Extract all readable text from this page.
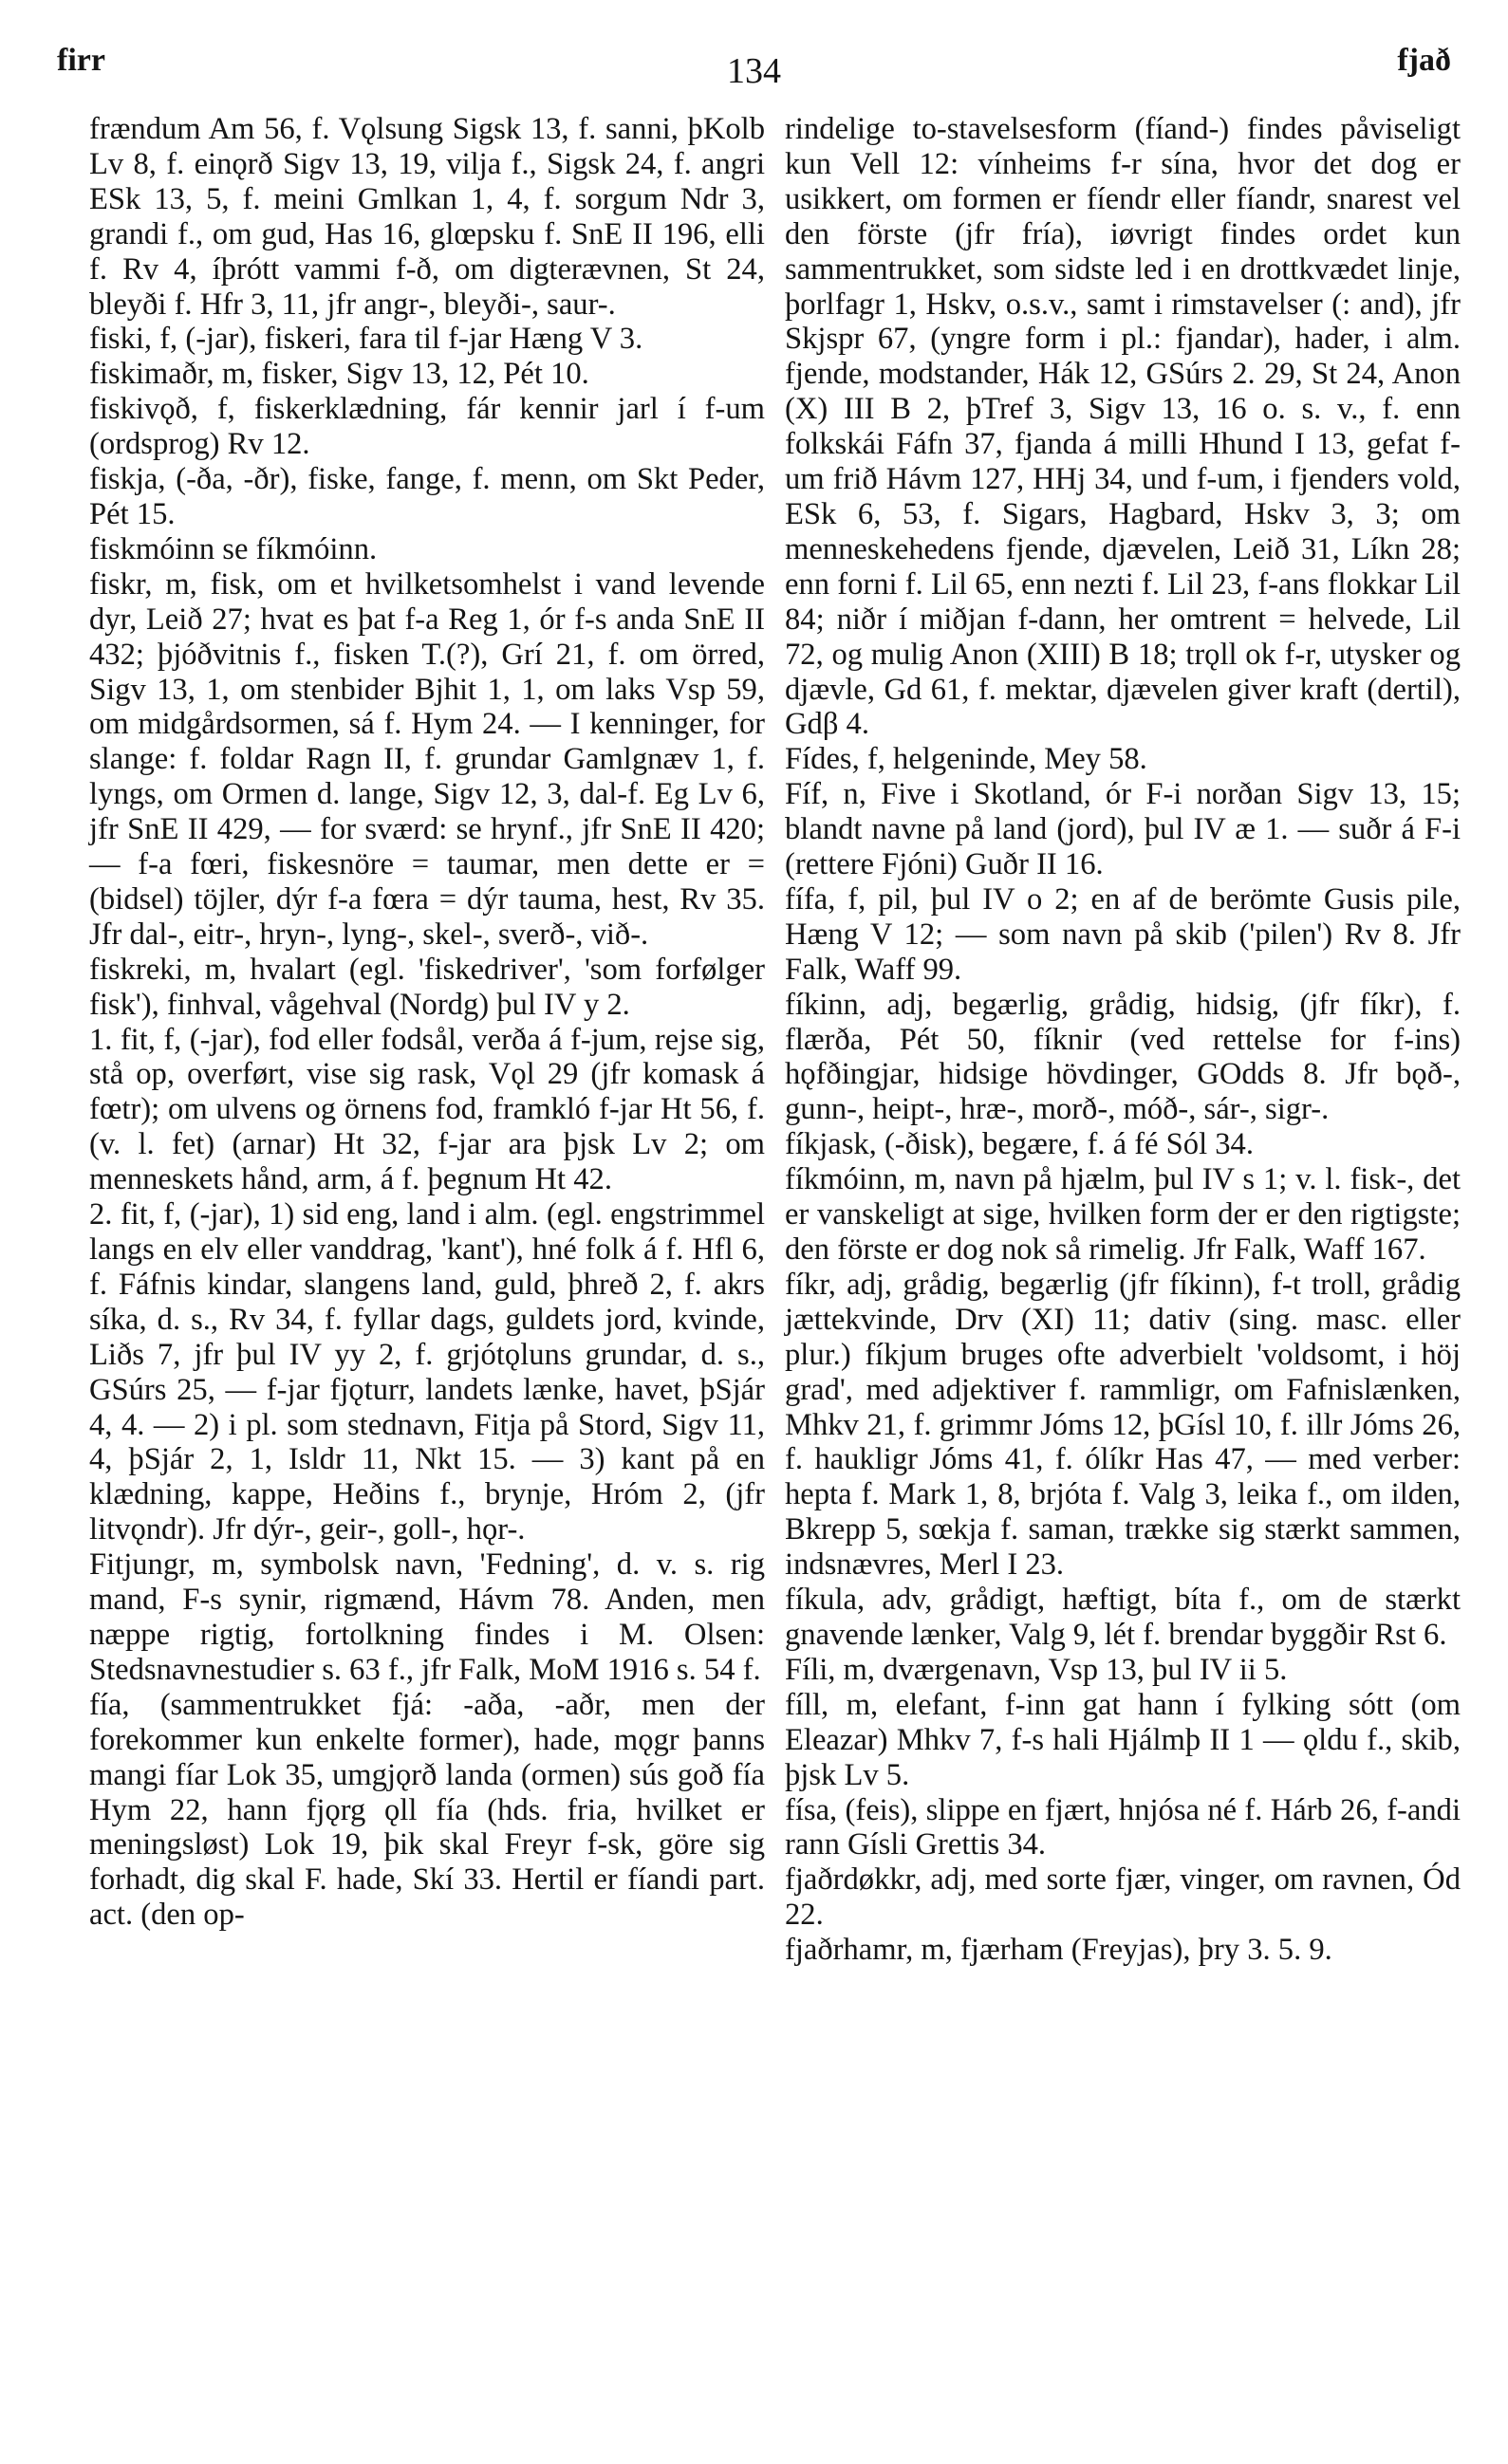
firr	134	fjað

frændum Am 56, f. Vǫlsung Sigsk 13, f. sanni, þKolb Lv 8, f. einǫrð Sigv 13, 19, vilja f., Sigsk 24, f. angri ESk 13, 5, f. meini Gmlkan 1, 4, f. sorgum Ndr 3, grandi f., om gud, Has 16, glœpsku f. SnE II 196, elli f. Rv 4, íþrótt vammi f-ð, om digterævnen, St 24, bleyði f. Hfr 3, 11, jfr angr-, bleyði-, saur-.

fiski, f, (-jar), fiskeri, fara til f-jar Hæng V 3.

fiskimaðr, m, fisker, Sigv 13, 12, Pét 10.

fiskivǫð, f, fiskerklædning, fár kennir jarl í f-um (ordsprog) Rv 12.

fiskja, (-ða, -ðr), fiske, fange, f. menn, om Skt Peder, Pét 15.

fiskmóinn se fíkmóinn.

fiskr, m, fisk, om et hvilketsomhelst i vand levende dyr, Leið 27; hvat es þat f-a Reg 1, ór f-s anda SnE II 432; þjóðvitnis f., fisken T.(?), Grí 21, f. om örred, Sigv 13, 1, om stenbider Bjhit 1, 1, om laks Vsp 59, om midgårdsormen, sá f. Hym 24. — I kenninger, for slange: f. foldar Ragn II, f. grundar Gamlgnæv 1, f. lyngs, om Ormen d. lange, Sigv 12, 3, dal-f. Eg Lv 6, jfr SnE II 429, — for sværd: se hrynf., jfr SnE II 420; — f-a fœri, fiskesnöre = taumar, men dette er = (bidsel) töjler, dýr f-a fœra = dýr tauma, hest, Rv 35. Jfr dal-, eitr-, hryn-, lyng-, skel-, sverð-, við-.

fiskreki, m, hvalart (egl. 'fiskedriver', 'som forfølger fisk'), finhval, vågehval (Nordg) þul IV y 2.

1. fit, f, (-jar), fod eller fodsål, verða á f-jum, rejse sig, stå op, overført, vise sig rask, Vǫl 29 (jfr komask á fœtr); om ulvens og örnens fod, framkló f-jar Ht 56, f. (v. l. fet) (arnar) Ht 32, f-jar ara þjsk Lv 2; om menneskets hånd, arm, á f. þegnum Ht 42.

2. fit, f, (-jar), 1) sid eng, land i alm. (egl. engstrimmel langs en elv eller vanddrag, 'kant'), hné folk á f. Hfl 6, f. Fáfnis kindar, slangens land, guld, þhreð 2, f. akrs síka, d. s., Rv 34, f. fyllar dags, guldets jord, kvinde, Liðs 7, jfr þul IV yy 2, f. grjótǫluns grundar, d. s., GSúrs 25, — f-jar fjǫturr, landets lænke, havet, þSjár 4, 4. — 2) i pl. som stednavn, Fitja på Stord, Sigv 11, 4, þSjár 2, 1, Isldr 11, Nkt 15. — 3) kant på en klædning, kappe, Heðins f., brynje, Hróm 2, (jfr litvǫndr). Jfr dýr-, geir-, goll-, hǫr-.

Fitjungr, m, symbolsk navn, 'Fedning', d. v. s. rig mand, F-s synir, rigmænd, Hávm 78. Anden, men næppe rigtig, fortolkning findes i M. Olsen: Stedsnavnestudier s. 63 f., jfr Falk, MoM 1916 s. 54 f.

fía, (sammentrukket fjá: -aða, -aðr, men der forekommer kun enkelte former), hade, mǫgr þanns mangi fíar Lok 35, umgjǫrð landa (ormen) sús goð fía Hym 22, hann fjǫrg ǫll fía (hds. fria, hvilket er meningsløst) Lok 19, þik skal Freyr f-sk, göre sig forhadt, dig skal F. hade, Skí 33. Hertil er fíandi part. act. (den op-

rindelige to-stavelsesform (fíand-) findes påviseligt kun Vell 12: vínheims f-r sína, hvor det dog er usikkert, om formen er fíendr eller fíandr, snarest vel den förste (jfr fría), iøvrigt findes ordet kun sammentrukket, som sidste led i en drottkvædet linje, þorlfagr 1, Hskv, o.s.v., samt i rimstavelser (: and), jfr Skjspr 67, (yngre form i pl.: fjandar), hader, i alm. fjende, modstander, Hák 12, GSúrs 2. 29, St 24, Anon (X) III B 2, þTref 3, Sigv 13, 16 o. s. v., f. enn folkskái Fáfn 37, fjanda á milli Hhund I 13, gefat f-um frið Hávm 127, HHj 34, und f-um, i fjenders vold, ESk 6, 53, f. Sigars, Hagbard, Hskv 3, 3; om menneskehedens fjende, djævelen, Leið 31, Líkn 28; enn forni f. Lil 65, enn nezti f. Lil 23, f-ans flokkar Lil 84; niðr í miðjan f-dann, her omtrent = helvede, Lil 72, og mulig Anon (XIII) B 18; trǫll ok f-r, utysker og djævle, Gd 61, f. mektar, djævelen giver kraft (dertil), Gdβ 4.

Fídes, f, helgeninde, Mey 58.

Fíf, n, Five i Skotland, ór F-i norðan Sigv 13, 15; blandt navne på land (jord), þul IV æ 1. — suðr á F-i (rettere Fjóni) Guðr II 16.

fífa, f, pil, þul IV o 2; en af de berömte Gusis pile, Hæng V 12; — som navn på skib ('pilen') Rv 8. Jfr Falk, Waff 99.

fíkinn, adj, begærlig, grådig, hidsig, (jfr fíkr), f. flærða, Pét 50, fíknir (ved rettelse for f-ins) hǫfðingjar, hidsige hövdinger, GOdds 8. Jfr bǫð-, gunn-, heipt-, hræ-, morð-, móð-, sár-, sigr-.

fíkjask, (-ðisk), begære, f. á fé Sól 34.

fíkmóinn, m, navn på hjælm, þul IV s 1; v. l. fisk-, det er vanskeligt at sige, hvilken form der er den rigtigste; den förste er dog nok så rimelig. Jfr Falk, Waff 167.

fíkr, adj, grådig, begærlig (jfr fíkinn), f-t troll, grådig jættekvinde, Drv (XI) 11; dativ (sing. masc. eller plur.) fíkjum bruges ofte adverbielt 'voldsomt, i höj grad', med adjektiver f. rammligr, om Fafnislænken, Mhkv 21, f. grimmr Jóms 12, þGísl 10, f. illr Jóms 26, f. haukligr Jóms 41, f. ólíkr Has 47, — med verber: hepta f. Mark 1, 8, brjóta f. Valg 3, leika f., om ilden, Bkrepp 5, sœkja f. saman, trække sig stærkt sammen, indsnævres, Merl I 23.

fíkula, adv, grådigt, hæftigt, bíta f., om de stærkt gnavende lænker, Valg 9, lét f. brendar byggðir Rst 6.

Fíli, m, dværgenavn, Vsp 13, þul IV ii 5.

fíll, m, elefant, f-inn gat hann í fylking sótt (om Eleazar) Mhkv 7, f-s hali Hjálmþ II 1 — ǫldu f., skib, þjsk Lv 5.

físa, (feis), slippe en fjært, hnjósa né f. Hárb 26, f-andi rann Gísli Grettis 34.

fjaðrdøkkr, adj, med sorte fjær, vinger, om ravnen, Ód 22.

fjaðrhamr, m, fjærham (Freyjas), þry 3. 5. 9.
